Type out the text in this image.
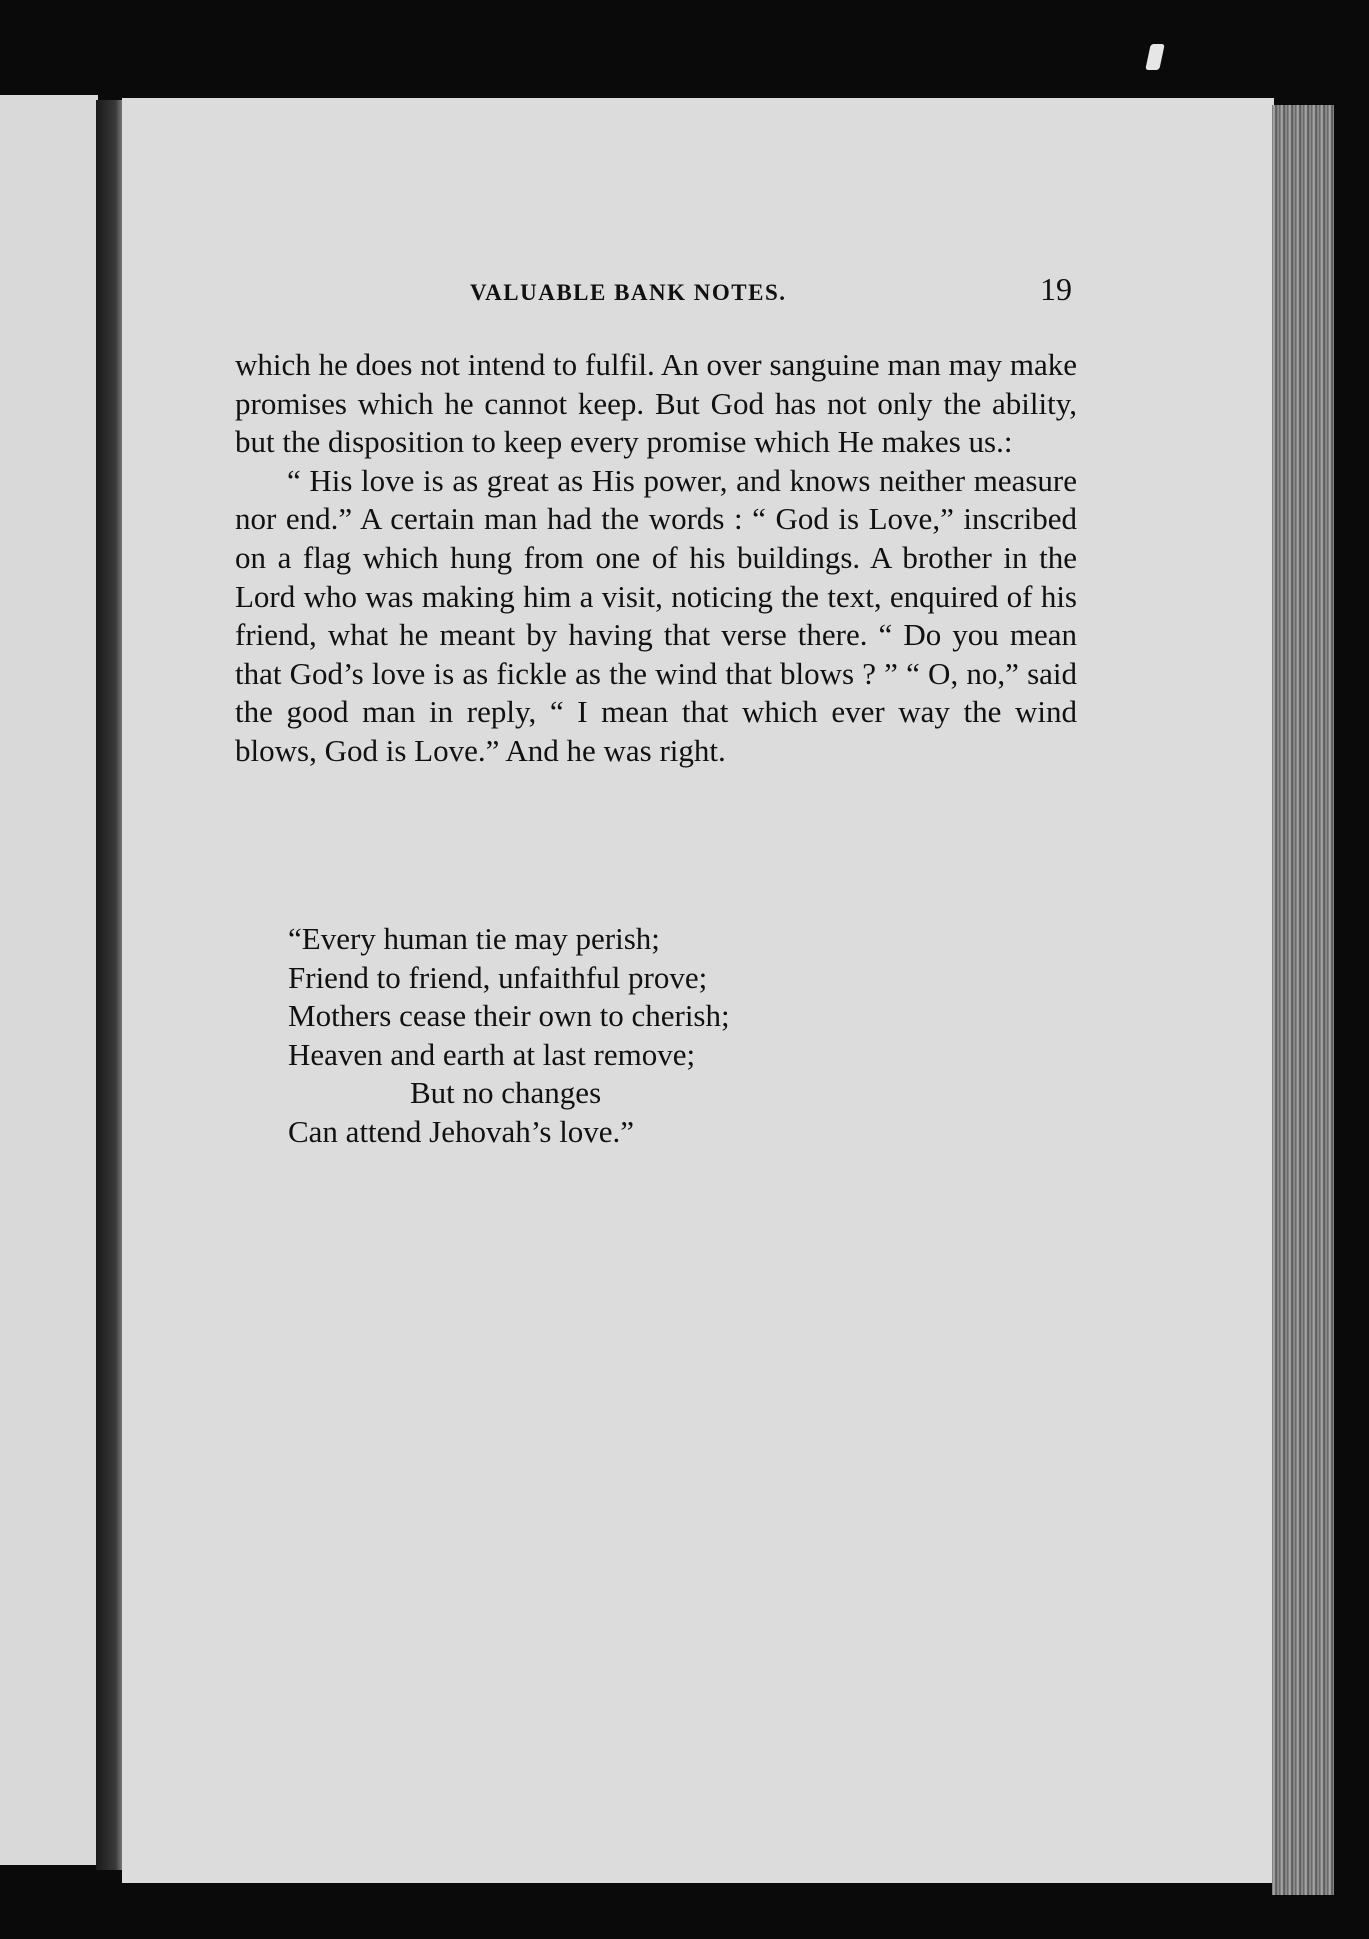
VALUABLE BANK NOTES.	19

which he does not intend to fulfil. An over sanguine man may make promises which he cannot keep. But God has not only the ability, but the disposition to keep every promise which He makes us.:

“ His love is as great as His power, and knows neither measure nor end.” A certain man had the words : “ God is Love,” inscribed on a flag which hung from one of his buildings. A brother in the Lord who was making him a visit, noticing the text, enquired of his friend, what he meant by having that verse there. “ Do you mean that God’s love is as fickle as the wind that blows ? ” “ O, no,” said the good man in reply, “ I mean that which ever way the wind blows, God is Love.” And he was right.

“Every human tie may perish;
Friend to friend, unfaithful prove;
Mothers cease their own to cherish;
Heaven and earth at last remove;
But no changes
Can attend Jehovah’s love.”
